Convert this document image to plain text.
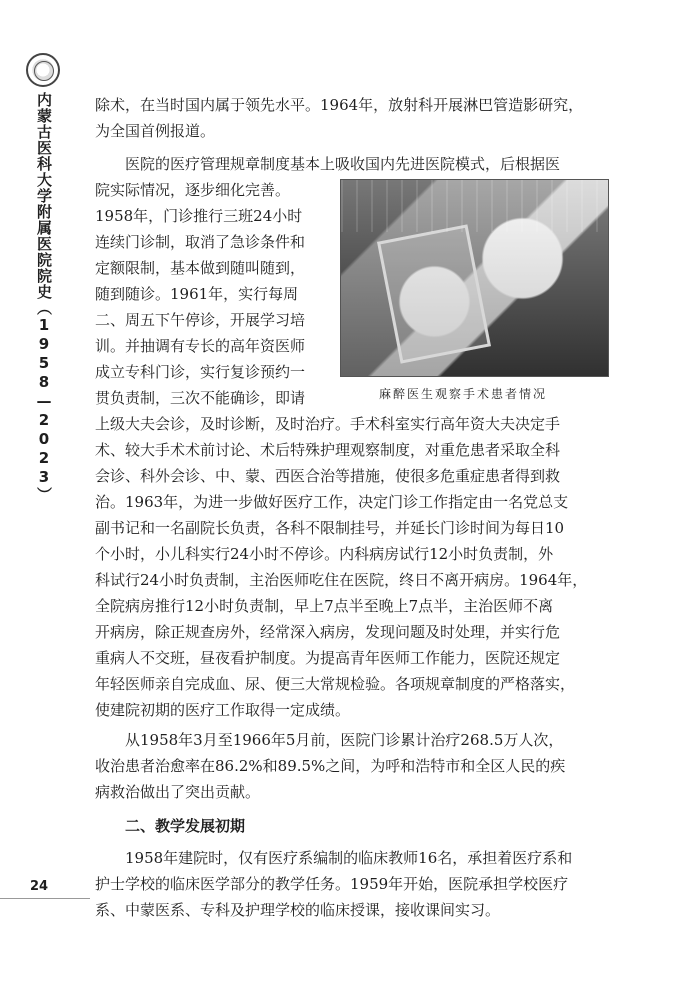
内蒙古医科大学附属医院院史（1958—2023）
24
麻醉医生观察手术患者情况
除术，在当时国内属于领先水平。1964年，放射科开展淋巴管造影研究，
为全国首例报道。
医院的医疗管理规章制度基本上吸收国内先进医院模式，后根据医
院实际情况，逐步细化完善。
1958年，门诊推行三班24小时
连续门诊制，取消了急诊条件和
定额限制，基本做到随叫随到，
随到随诊。1961年，实行每周
二、周五下午停诊，开展学习培
训。并抽调有专长的高年资医师
成立专科门诊，实行复诊预约一
贯负责制，三次不能确诊，即请
上级大夫会诊，及时诊断，及时治疗。手术科室实行高年资大夫决定手
术、较大手术术前讨论、术后特殊护理观察制度，对重危患者采取全科
会诊、科外会诊、中、蒙、西医合治等措施，使很多危重症患者得到救
治。1963年，为进一步做好医疗工作，决定门诊工作指定由一名党总支
副书记和一名副院长负责，各科不限制挂号，并延长门诊时间为每日10
个小时，小儿科实行24小时不停诊。内科病房试行12小时负责制，外
科试行24小时负责制，主治医师吃住在医院，终日不离开病房。1964年，
全院病房推行12小时负责制，早上7点半至晚上7点半，主治医师不离
开病房，除正规查房外，经常深入病房，发现问题及时处理，并实行危
重病人不交班，昼夜看护制度。为提高青年医师工作能力，医院还规定
年轻医师亲自完成血、尿、便三大常规检验。各项规章制度的严格落实，
使建院初期的医疗工作取得一定成绩。
从1958年3月至1966年5月前，医院门诊累计治疗268.5万人次，
收治患者治愈率在86.2%和89.5%之间，为呼和浩特市和全区人民的疾
病救治做出了突出贡献。
二、教学发展初期
1958年建院时，仅有医疗系编制的临床教师16名，承担着医疗系和
护士学校的临床医学部分的教学任务。1959年开始，医院承担学校医疗
系、中蒙医系、专科及护理学校的临床授课，接收课间实习。
